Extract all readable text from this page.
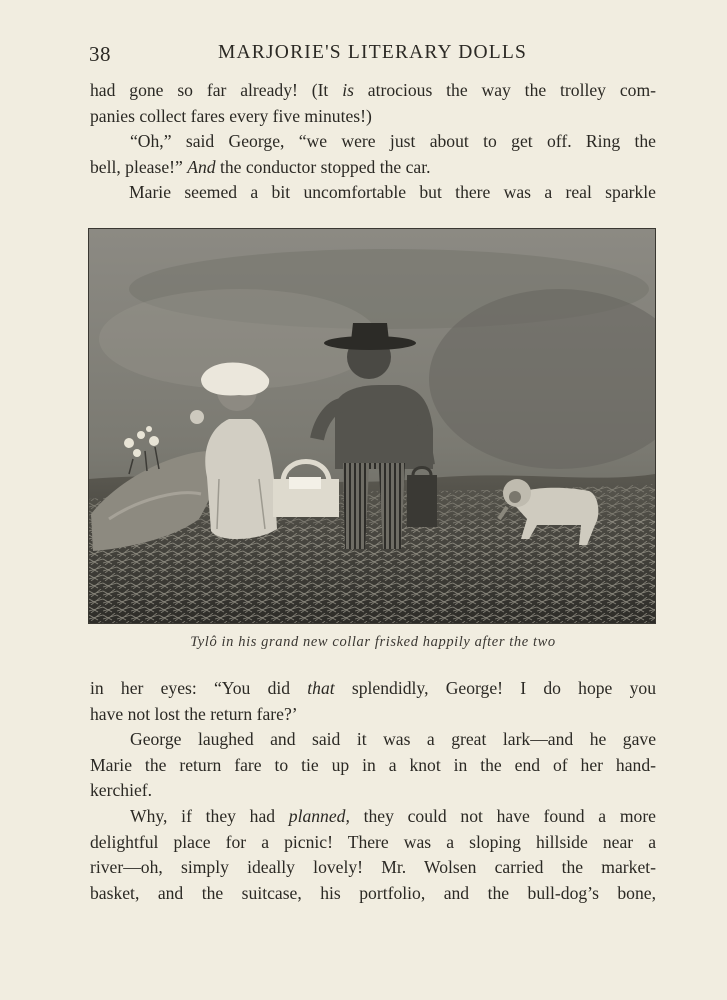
38	MARJORIE'S LITERARY DOLLS
had gone so far already! (It is atrocious the way the trolley com-
panies collect fares every five minutes!)
“Oh,” said George, “we were just about to get off. Ring the
bell, please!” And the conductor stopped the car.
Marie seemed a bit uncomfortable but there was a real sparkle
Tylô in his grand new collar frisked happily after the two
in her eyes: “You did that splendidly, George! I do hope you
have not lost the return fare?’
George laughed and said it was a great lark—and he gave
Marie the return fare to tie up in a knot in the end of her hand-
kerchief.
Why, if they had planned, they could not have found a more
delightful place for a picnic! There was a sloping hillside near a
river—oh, simply ideally lovely! Mr. Wolsen carried the market-
basket, and the suitcase, his portfolio, and the bull-dog’s bone,
